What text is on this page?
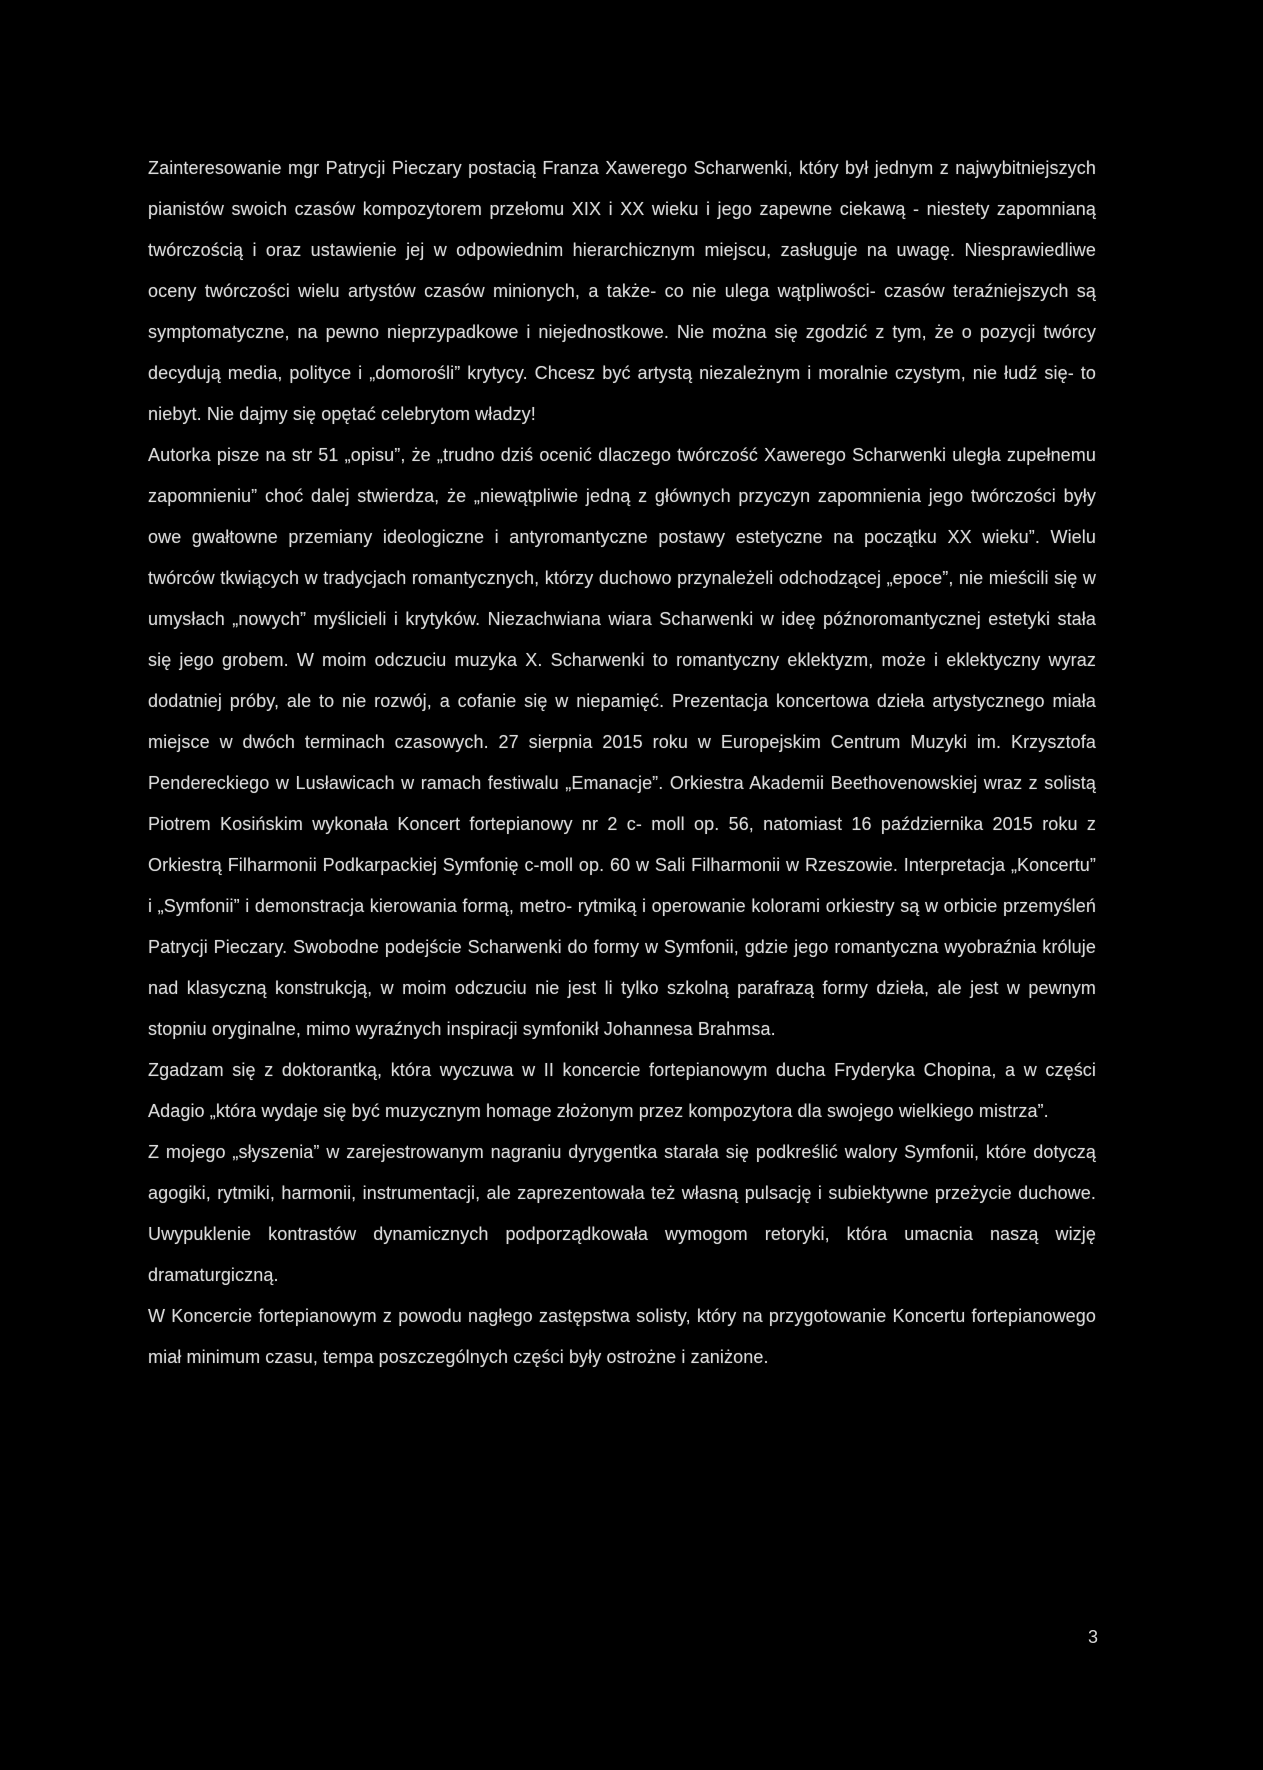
Zainteresowanie mgr Patrycji Pieczary postacią Franza Xawerego Scharwenki, który był jednym z najwybitniejszych pianistów swoich czasów kompozytorem przełomu XIX i XX wieku i jego zapewne ciekawą - niestety zapomnianą twórczością i oraz ustawienie jej w odpowiednim hierarchicznym miejscu, zasługuje na uwagę. Niesprawiedliwe oceny twórczości wielu artystów czasów minionych, a także- co nie ulega wątpliwości- czasów teraźniejszych są symptomatyczne, na pewno nieprzypadkowe i niejednostkowe. Nie można się zgodzić z tym, że o pozycji twórcy decydują media, polityce i „domorośli” krytycy. Chcesz być artystą niezależnym i moralnie czystym, nie łudź się- to niebyt. Nie dajmy się opętać celebrytom władzy!

Autorka pisze na str 51 „opisu”, że „trudno dziś ocenić dlaczego twórczość Xawerego Scharwenki uległa zupełnemu zapomnieniu” choć dalej stwierdza, że „niewątpliwie jedną z głównych przyczyn zapomnienia jego twórczości były owe gwałtowne przemiany ideologiczne i antyromantyczne postawy estetyczne na początku XX wieku”. Wielu twórców tkwiących w tradycjach romantycznych, którzy duchowo przynależeli odchodzącej „epoce”, nie mieścili się w umysłach „nowych” myślicieli i krytyków. Niezachwiana wiara Scharwenki w ideę późnoromantycznej estetyki stała się jego grobem. W moim odczuciu muzyka X. Scharwenki to romantyczny eklektyzm, może i eklektyczny wyraz dodatniej próby, ale to nie rozwój, a cofanie się w niepamięć. Prezentacja koncertowa dzieła artystycznego miała miejsce w dwóch terminach czasowych. 27 sierpnia 2015 roku w Europejskim Centrum Muzyki im. Krzysztofa Pendereckiego w Lusławicach w ramach festiwalu „Emanacje”. Orkiestra Akademii Beethovenowskiej wraz z solistą Piotrem Kosińskim wykonała Koncert fortepianowy nr 2 c- moll op. 56, natomiast 16 października 2015 roku z Orkiestrą Filharmonii Podkarpackiej Symfonię c-moll op. 60 w Sali Filharmonii w Rzeszowie. Interpretacja „Koncertu” i „Symfonii” i demonstracja kierowania formą, metro- rytmiką i operowanie kolorami orkiestry są w orbicie przemyśleń Patrycji Pieczary. Swobodne podejście Scharwenki do formy w Symfonii, gdzie jego romantyczna wyobraźnia króluje nad klasyczną konstrukcją, w moim odczuciu nie jest li tylko szkolną parafrazą formy dzieła, ale jest w pewnym stopniu oryginalne, mimo wyraźnych inspiracji symfonikł Johannesa Brahmsa.

Zgadzam się z doktorantką, która wyczuwa w II koncercie fortepianowym ducha Fryderyka Chopina, a w części Adagio „która wydaje się być muzycznym homage złożonym przez kompozytora dla swojego wielkiego mistrza”.

Z mojego „słyszenia” w zarejestrowanym nagraniu dyrygentka starała się podkreślić walory Symfonii, które dotyczą agogiki, rytmiki, harmonii, instrumentacji, ale zaprezentowała też własną pulsację i subiektywne przeżycie duchowe. Uwypuklenie kontrastów dynamicznych podporządkowała wymogom retoryki, która umacnia naszą wizję dramaturgiczną.

W Koncercie fortepianowym z powodu nagłego zastępstwa solisty, który na przygotowanie Koncertu fortepianowego miał minimum czasu, tempa poszczególnych części były ostrożne i zaniżone.

3
